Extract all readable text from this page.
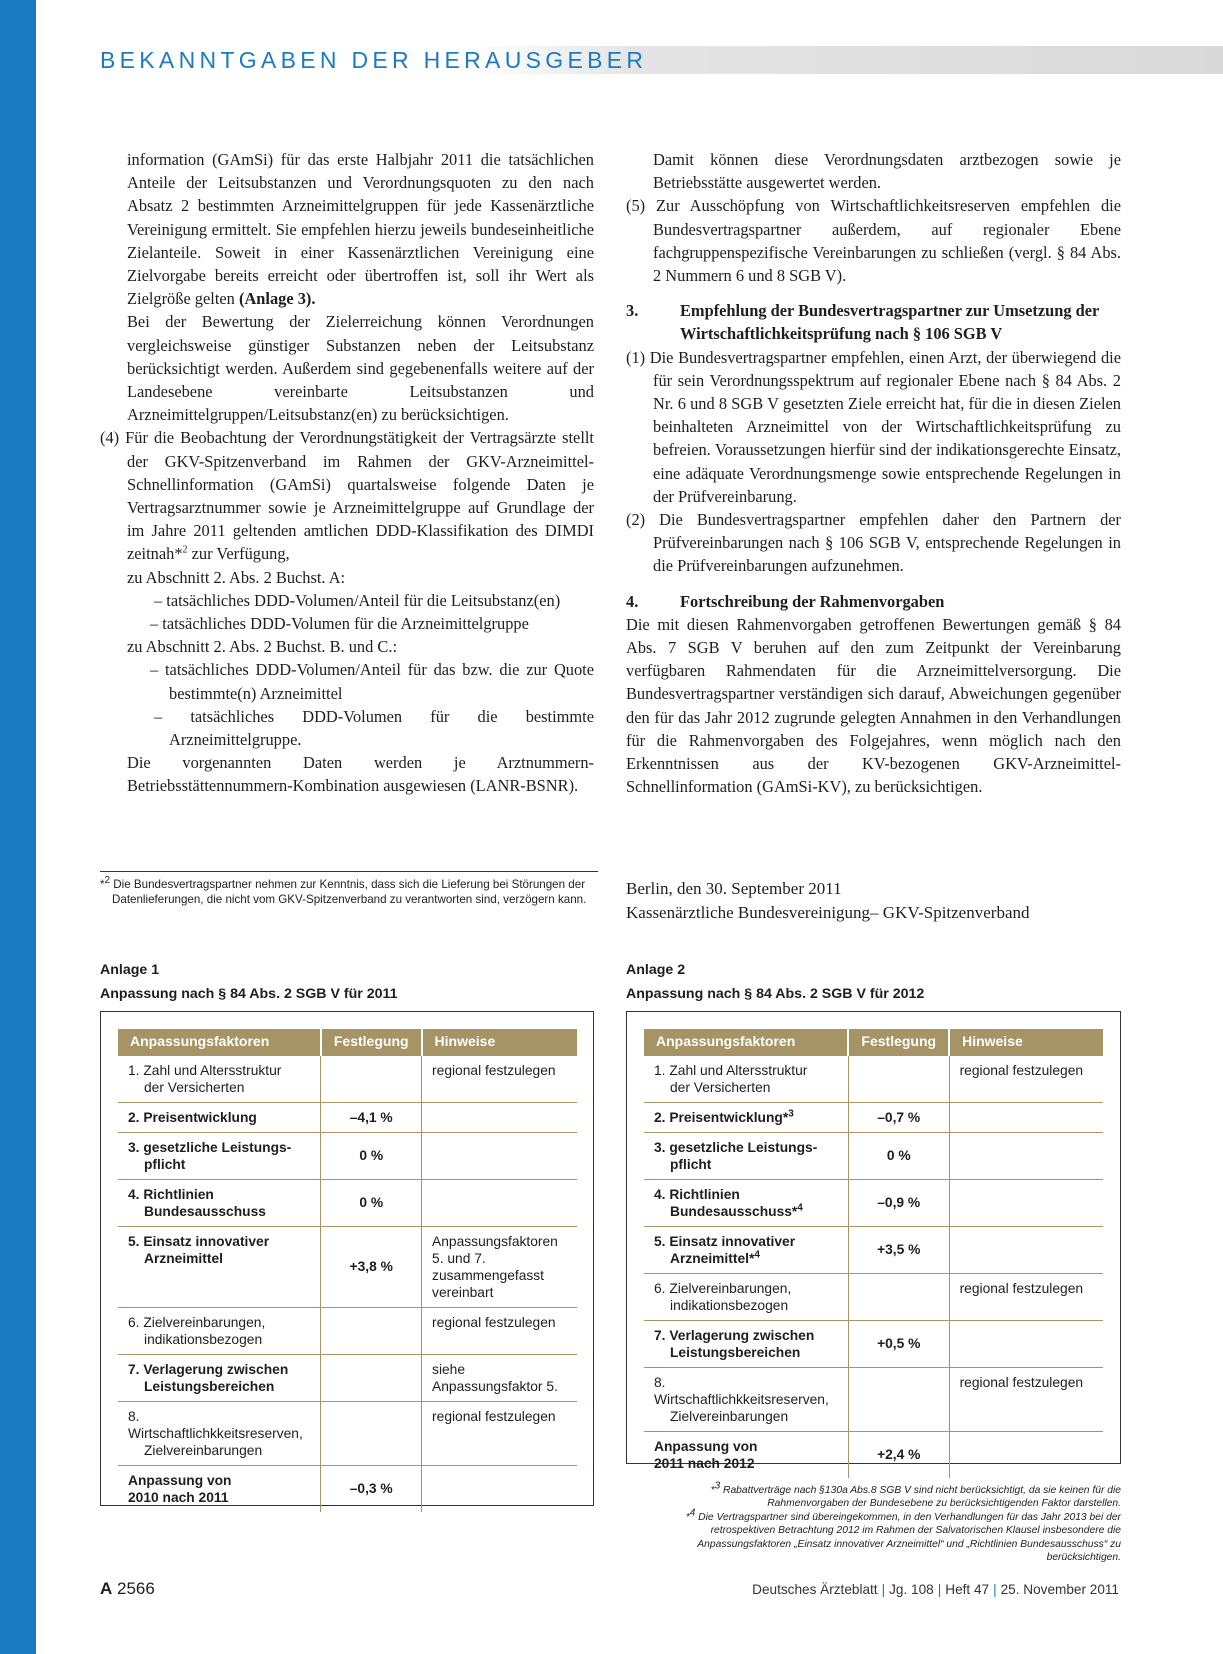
BEKANNTGABEN DER HERAUSGEBER

information (GAmSi) für das erste Halbjahr 2011 die tatsächlichen Anteile der Leitsubstanzen und Verordnungsquoten zu den nach Absatz 2 bestimmten Arzneimittelgruppen für jede Kassenärztliche Vereinigung ermittelt. Sie empfehlen hierzu jeweils bundeseinheitliche Zielanteile. Soweit in einer Kassenärztlichen Vereinigung eine Zielvorgabe bereits erreicht oder übertroffen ist, soll ihr Wert als Zielgröße gelten (Anlage 3).

Bei der Bewertung der Zielerreichung können Verordnungen vergleichsweise günstiger Substanzen neben der Leitsubstanz berücksichtigt werden. Außerdem sind gegebenenfalls weitere auf der Landesebene vereinbarte Leitsubstanzen und Arzneimittelgruppen/Leitsubstanz(en) zu berücksichtigen.

(4) Für die Beobachtung der Verordnungstätigkeit der Vertragsärzte stellt der GKV-Spitzenverband im Rahmen der GKV-Arzneimittel-Schnellinformation (GAmSi) quartalsweise folgende Daten je Vertragsarztnummer sowie je Arzneimittelgruppe auf Grundlage der im Jahre 2011 geltenden amtlichen DDD-Klassifikation des DIMDI zeitnah*$^2$ zur Verfügung,

zu Abschnitt 2. Abs. 2 Buchst. A:

– tatsächliches DDD-Volumen/Anteil für die Leitsubstanz(en)

– tatsächliches DDD-Volumen für die Arzneimittelgruppe

zu Abschnitt 2. Abs. 2 Buchst. B. und C.:

– tatsächliches DDD-Volumen/Anteil für das bzw. die zur Quote bestimmte(n) Arzneimittel

– tatsächliches DDD-Volumen für die bestimmte Arzneimittelgruppe.

Die vorgenannten Daten werden je Arztnummern-Betriebsstättennummern-Kombination ausgewiesen (LANR-BSNR).

*$^2$ Die Bundesvertragspartner nehmen zur Kenntnis, dass sich die Lieferung bei Störungen der Datenlieferungen, die nicht vom GKV-Spitzenverband zu verantworten sind, verzögern kann.

Damit können diese Verordnungsdaten arztbezogen sowie je Betriebsstätte ausgewertet werden.

(5) Zur Ausschöpfung von Wirtschaftlichkeitsreserven empfehlen die Bundesvertragspartner außerdem, auf regionaler Ebene fachgruppenspezifische Vereinbarungen zu schließen (vergl. § 84 Abs. 2 Nummern 6 und 8 SGB V).

3.	Empfehlung der Bundesvertragspartner zur Umsetzung der Wirtschaftlichkeitsprüfung nach § 106 SGB V

(1) Die Bundesvertragspartner empfehlen, einen Arzt, der überwiegend die für sein Verordnungsspektrum auf regionaler Ebene nach § 84 Abs. 2 Nr. 6 und 8 SGB V gesetzten Ziele erreicht hat, für die in diesen Zielen beinhalteten Arzneimittel von der Wirtschaftlichkeitsprüfung zu befreien. Voraussetzungen hierfür sind der indikationsgerechte Einsatz, eine adäquate Verordnungsmenge sowie entsprechende Regelungen in der Prüfvereinbarung.

(2) Die Bundesvertragspartner empfehlen daher den Partnern der Prüfvereinbarungen nach § 106 SGB V, entsprechende Regelungen in die Prüfvereinbarungen aufzunehmen.

4.	Fortschreibung der Rahmenvorgaben

Die mit diesen Rahmenvorgaben getroffenen Bewertungen gemäß § 84 Abs. 7 SGB V beruhen auf den zum Zeitpunkt der Vereinbarung verfügbaren Rahmendaten für die Arzneimittelversorgung. Die Bundesvertragspartner verständigen sich darauf, Abweichungen gegenüber den für das Jahr 2012 zugrunde gelegten Annahmen in den Verhandlungen für die Rahmenvorgaben des Folgejahres, wenn möglich nach den Erkenntnissen aus der KV-bezogenen GKV-Arzneimittel-Schnellinformation (GAmSi-KV), zu berücksichtigen.

Berlin, den 30. September 2011
Kassenärztliche Bundesvereinigung– GKV-Spitzenverband
Anlage 1
Anpassung nach § 84 Abs. 2 SGB V für 2011
Anpassungsfaktoren	Festlegung	Hinweise
1. Zahl und Altersstruktur
der Versicherten		regional festzulegen
2. Preisentwicklung	–4,1 %	
3. gesetzliche Leistungs-
pflicht	0 %	
4. Richtlinien
Bundesausschuss	0 %	
5. Einsatz innovativer
Arzneimittel	+3,8 %	Anpassungsfaktoren 5. und 7. zusammengefasst vereinbart
6. Zielvereinbarungen,
indikationsbezogen		regional festzulegen
7. Verlagerung zwischen
Leistungsbereichen		siehe Anpassungsfaktor 5.
8. Wirtschaftlichkkeitsreserven,
Zielvereinbarungen		regional festzulegen
Anpassung von
2010 nach 2011	–0,3 %	
Anlage 2
Anpassung nach § 84 Abs. 2 SGB V für 2012
Anpassungsfaktoren	Festlegung	Hinweise
1. Zahl und Altersstruktur
der Versicherten		regional festzulegen
2. Preisentwicklung*$^3$	–0,7 %	
3. gesetzliche Leistungs-
pflicht	0 %	
4. Richtlinien
Bundesausschuss*$^4$	–0,9 %	
5. Einsatz innovativer
Arzneimittel*$^4$	+3,5 %	
6. Zielvereinbarungen,
indikationsbezogen		regional festzulegen
7. Verlagerung zwischen
Leistungsbereichen	+0,5 %	
8. Wirtschaftlichkkeitsreserven,
Zielvereinbarungen		regional festzulegen
Anpassung von
2011 nach 2012	+2,4 %	

*$^3$ Rabattverträge nach §130a Abs.8 SGB V sind nicht berücksichtigt, da sie keinen für die Rahmenvorgaben der Bundesebene zu berücksichtigenden Faktor darstellen.

*$^4$ Die Vertragspartner sind übereingekommen, in den Verhandlungen für das Jahr 2013 bei der retrospektiven Betrachtung 2012 im Rahmen der Salvatorischen Klausel insbesondere die Anpassungsfaktoren „Einsatz innovativer Arzneimittel“ und „Richtlinien Bundesausschuss“ zu berücksichtigen.

A 2566	Deutsches Ärzteblatt | Jg. 108 | Heft 47 | 25. November 2011
